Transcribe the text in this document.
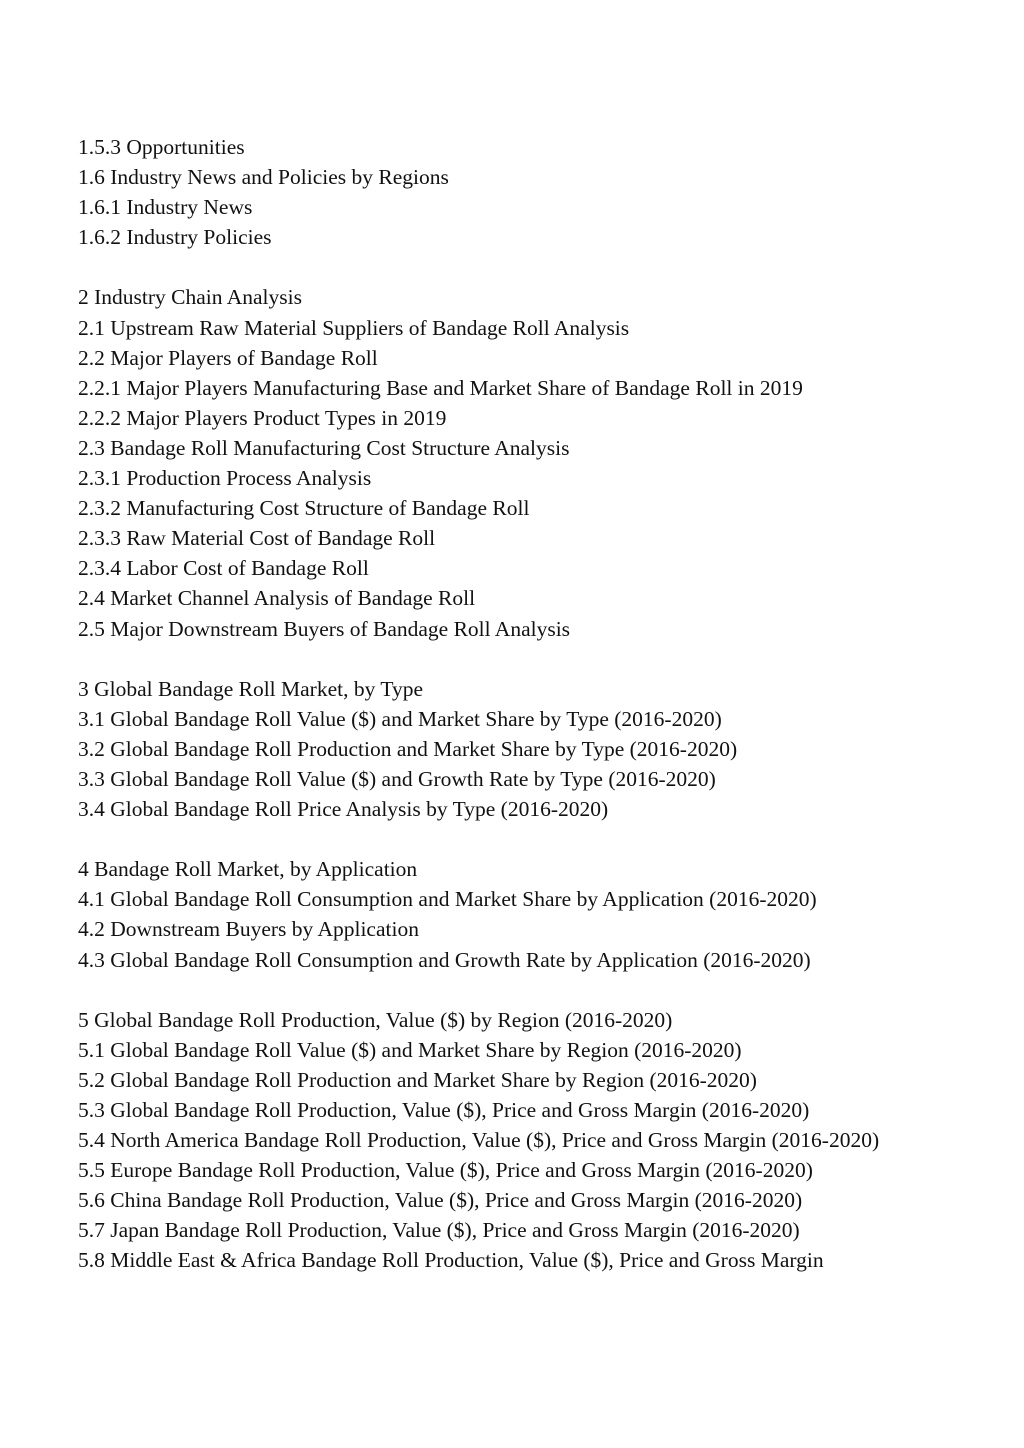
1.5.3 Opportunities
1.6 Industry News and Policies by Regions
1.6.1 Industry News
1.6.2 Industry Policies
2 Industry Chain Analysis
2.1 Upstream Raw Material Suppliers of Bandage Roll Analysis
2.2 Major Players of Bandage Roll
2.2.1 Major Players Manufacturing Base and Market Share of Bandage Roll in 2019
2.2.2 Major Players Product Types in 2019
2.3 Bandage Roll Manufacturing Cost Structure Analysis
2.3.1 Production Process Analysis
2.3.2 Manufacturing Cost Structure of Bandage Roll
2.3.3 Raw Material Cost of Bandage Roll
2.3.4 Labor Cost of Bandage Roll
2.4 Market Channel Analysis of Bandage Roll
2.5 Major Downstream Buyers of Bandage Roll Analysis
3 Global Bandage Roll Market, by Type
3.1 Global Bandage Roll Value ($) and Market Share by Type (2016-2020)
3.2 Global Bandage Roll Production and Market Share by Type (2016-2020)
3.3 Global Bandage Roll Value ($) and Growth Rate by Type (2016-2020)
3.4 Global Bandage Roll Price Analysis by Type (2016-2020)
4 Bandage Roll Market, by Application
4.1 Global Bandage Roll Consumption and Market Share by Application (2016-2020)
4.2 Downstream Buyers by Application
4.3 Global Bandage Roll Consumption and Growth Rate by Application (2016-2020)
5 Global Bandage Roll Production, Value ($) by Region (2016-2020)
5.1 Global Bandage Roll Value ($) and Market Share by Region (2016-2020)
5.2 Global Bandage Roll Production and Market Share by Region (2016-2020)
5.3 Global Bandage Roll Production, Value ($), Price and Gross Margin (2016-2020)
5.4 North America Bandage Roll Production, Value ($), Price and Gross Margin (2016-2020)
5.5 Europe Bandage Roll Production, Value ($), Price and Gross Margin (2016-2020)
5.6 China Bandage Roll Production, Value ($), Price and Gross Margin (2016-2020)
5.7 Japan Bandage Roll Production, Value ($), Price and Gross Margin (2016-2020)
5.8 Middle East & Africa Bandage Roll Production, Value ($), Price and Gross Margin
